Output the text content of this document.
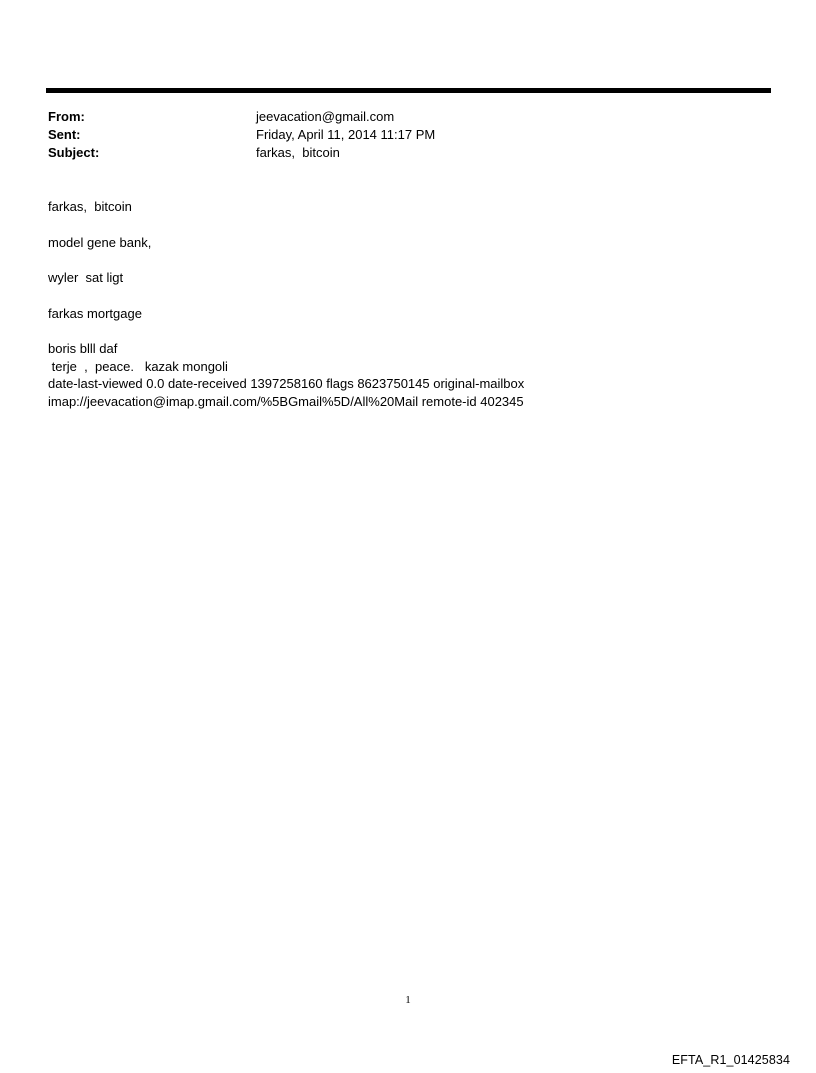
From:	jeevacation@gmail.com
Sent:	Friday, April 11, 2014 11:17 PM
Subject:	farkas,  bitcoin
farkas,  bitcoin
model gene bank,
wyler  sat ligt
farkas mortgage
boris blll daf
terje  ,  peace.   kazak mongoli
date-last-viewed 0.0 date-received 1397258160 flags 8623750145 original-mailbox
imap://jeevacation@imap.gmail.com/%5BGmail%5D/All%20Mail remote-id 402345
1
EFTA_R1_01425834
